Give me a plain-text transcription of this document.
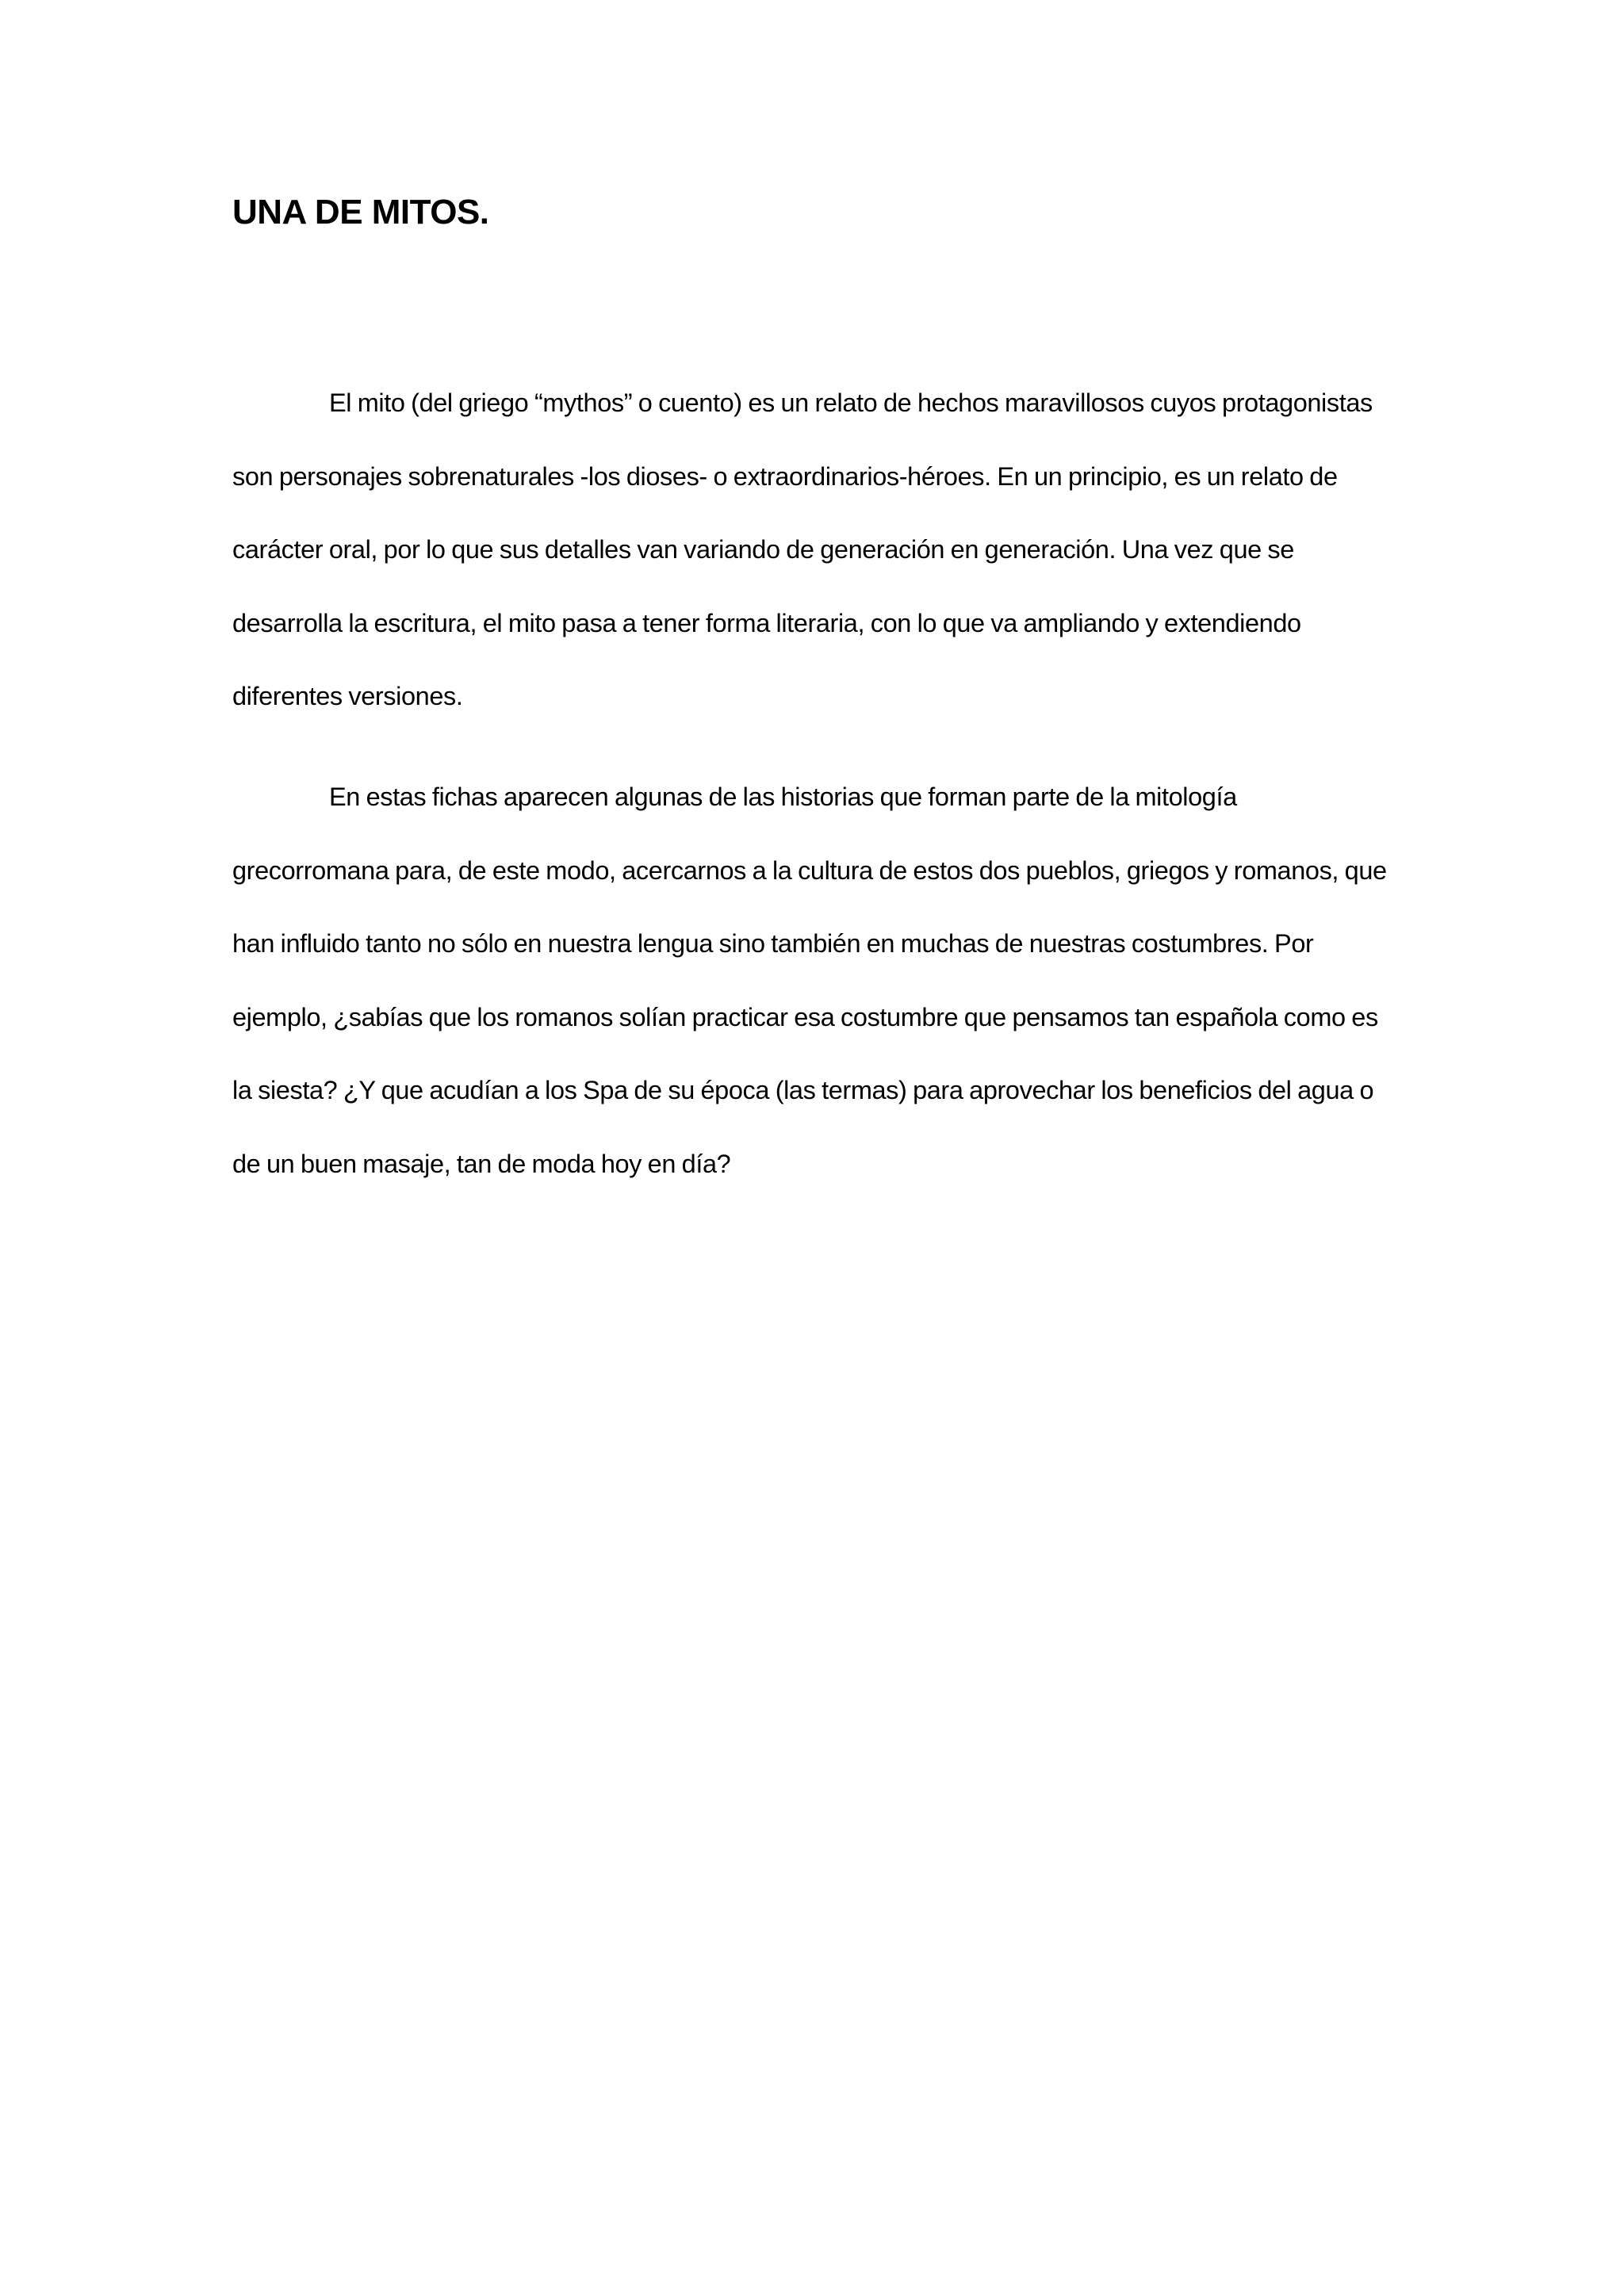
UNA DE MITOS.

El mito (del griego “mythos” o cuento) es un relato de hechos maravillosos cuyos protagonistas son personajes sobrenaturales -los dioses- o extraordinarios-héroes. En un principio, es un relato de carácter oral, por lo que sus detalles van variando de generación en generación. Una vez que se desarrolla la escritura, el mito pasa a tener forma literaria, con lo que va ampliando y extendiendo diferentes versiones.

En estas fichas aparecen algunas de las historias que forman parte de la mitología grecorromana para, de este modo, acercarnos a la cultura de estos dos pueblos, griegos y romanos, que han influido tanto no sólo en nuestra lengua sino también en muchas de nuestras costumbres. Por ejemplo, ¿sabías que los romanos solían practicar esa costumbre que pensamos tan española como es la siesta? ¿Y que acudían a los Spa de su época (las termas) para aprovechar los beneficios del agua o de un buen masaje, tan de moda hoy en día?
